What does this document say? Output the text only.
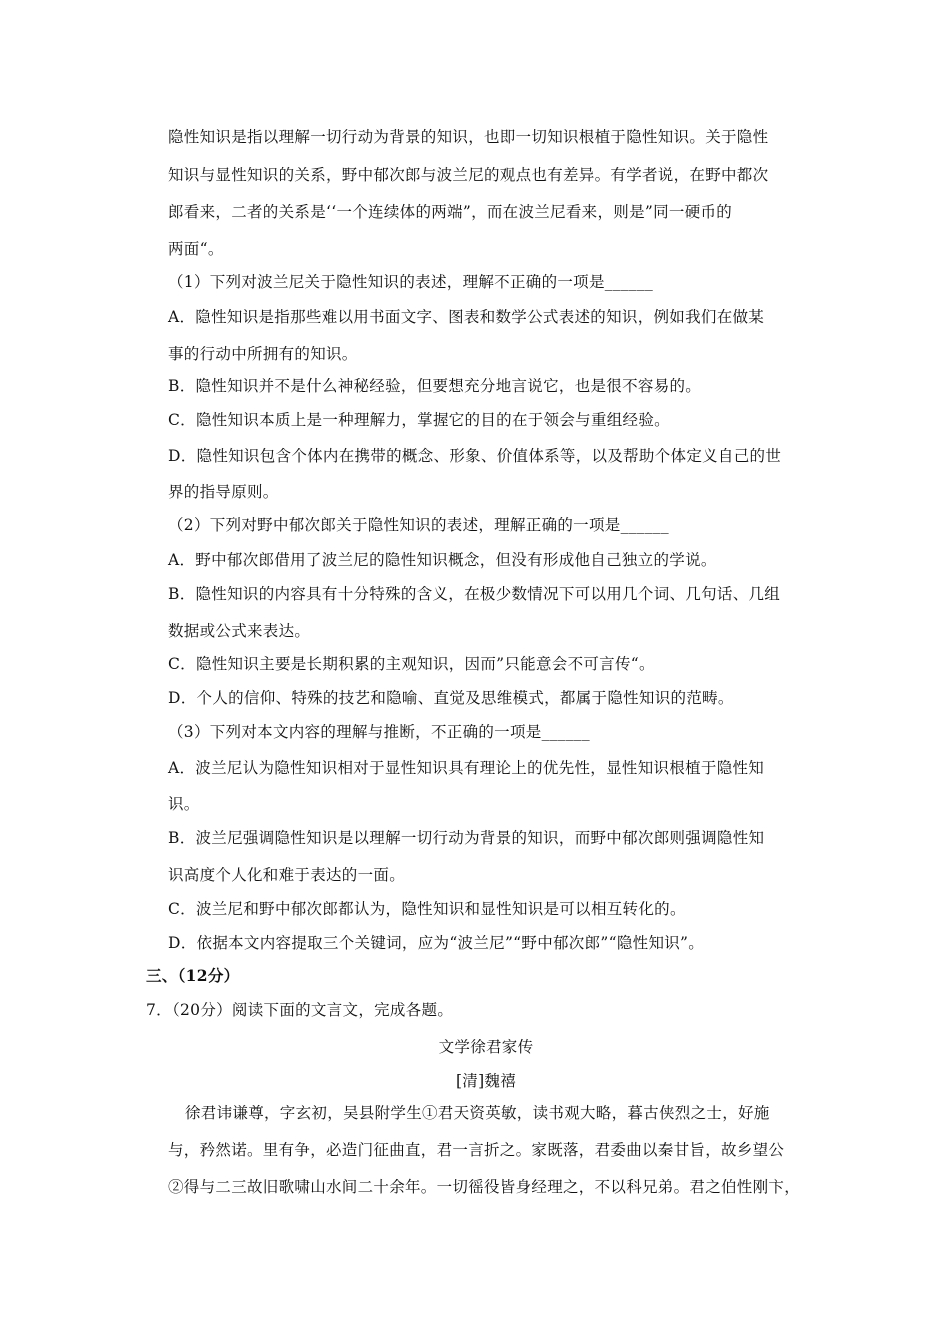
隐性知识是指以理解一切行动为背景的知识，也即一切知识根植于隐性知识。关于隐性
知识与显性知识的关系，野中郁次郎与波兰尼的观点也有差异。有学者说，在野中都次
郎看来，二者的关系是‘‘一个连续体的两端”，而在波兰尼看来，则是”同一硬币的
两面“。
（1）下列对波兰尼关于隐性知识的表述，理解不正确的一项是______
A．隐性知识是指那些难以用书面文字、图表和数学公式表述的知识，例如我们在做某
事的行动中所拥有的知识。
B．隐性知识并不是什么神秘经验，但要想充分地言说它，也是很不容易的。
C．隐性知识本质上是一种理解力，掌握它的目的在于领会与重组经验。
D．隐性知识包含个体内在携带的概念、形象、价值体系等，以及帮助个体定义自己的世
界的指导原则。
（2）下列对野中郁次郎关于隐性知识的表述，理解正确的一项是______
A．野中郁次郎借用了波兰尼的隐性知识概念，但没有形成他自己独立的学说。
B．隐性知识的内容具有十分特殊的含义，在极少数情况下可以用几个词、几句话、几组
数据或公式来表达。
C．隐性知识主要是长期积累的主观知识，因而”只能意会不可言传“。
D．个人的信仰、特殊的技艺和隐喻、直觉及思维模式，都属于隐性知识的范畴。
（3）下列对本文内容的理解与推断，不正确的一项是______
A．波兰尼认为隐性知识相对于显性知识具有理论上的优先性，显性知识根植于隐性知
识。
B．波兰尼强调隐性知识是以理解一切行动为背景的知识，而野中郁次郎则强调隐性知
识高度个人化和难于表达的一面。
C．波兰尼和野中郁次郎都认为，隐性知识和显性知识是可以相互转化的。
D．依据本文内容提取三个关键词，应为“波兰尼”“野中郁次郎”“隐性知识”。
三、（12分）
7．（20分）阅读下面的文言文，完成各题。
文学徐君家传
[清]魏禧
徐君讳谦尊，字玄初，吴县附学生①君天资英敏，读书观大略，暮古侠烈之士，好施
与，矜然诺。里有争，必造门征曲直，君一言折之。家既落，君委曲以秦甘旨，故乡望公
②得与二三故旧歌啸山水间二十余年。一切徭役皆身经理之，不以科兄弟。君之伯性刚卞，
